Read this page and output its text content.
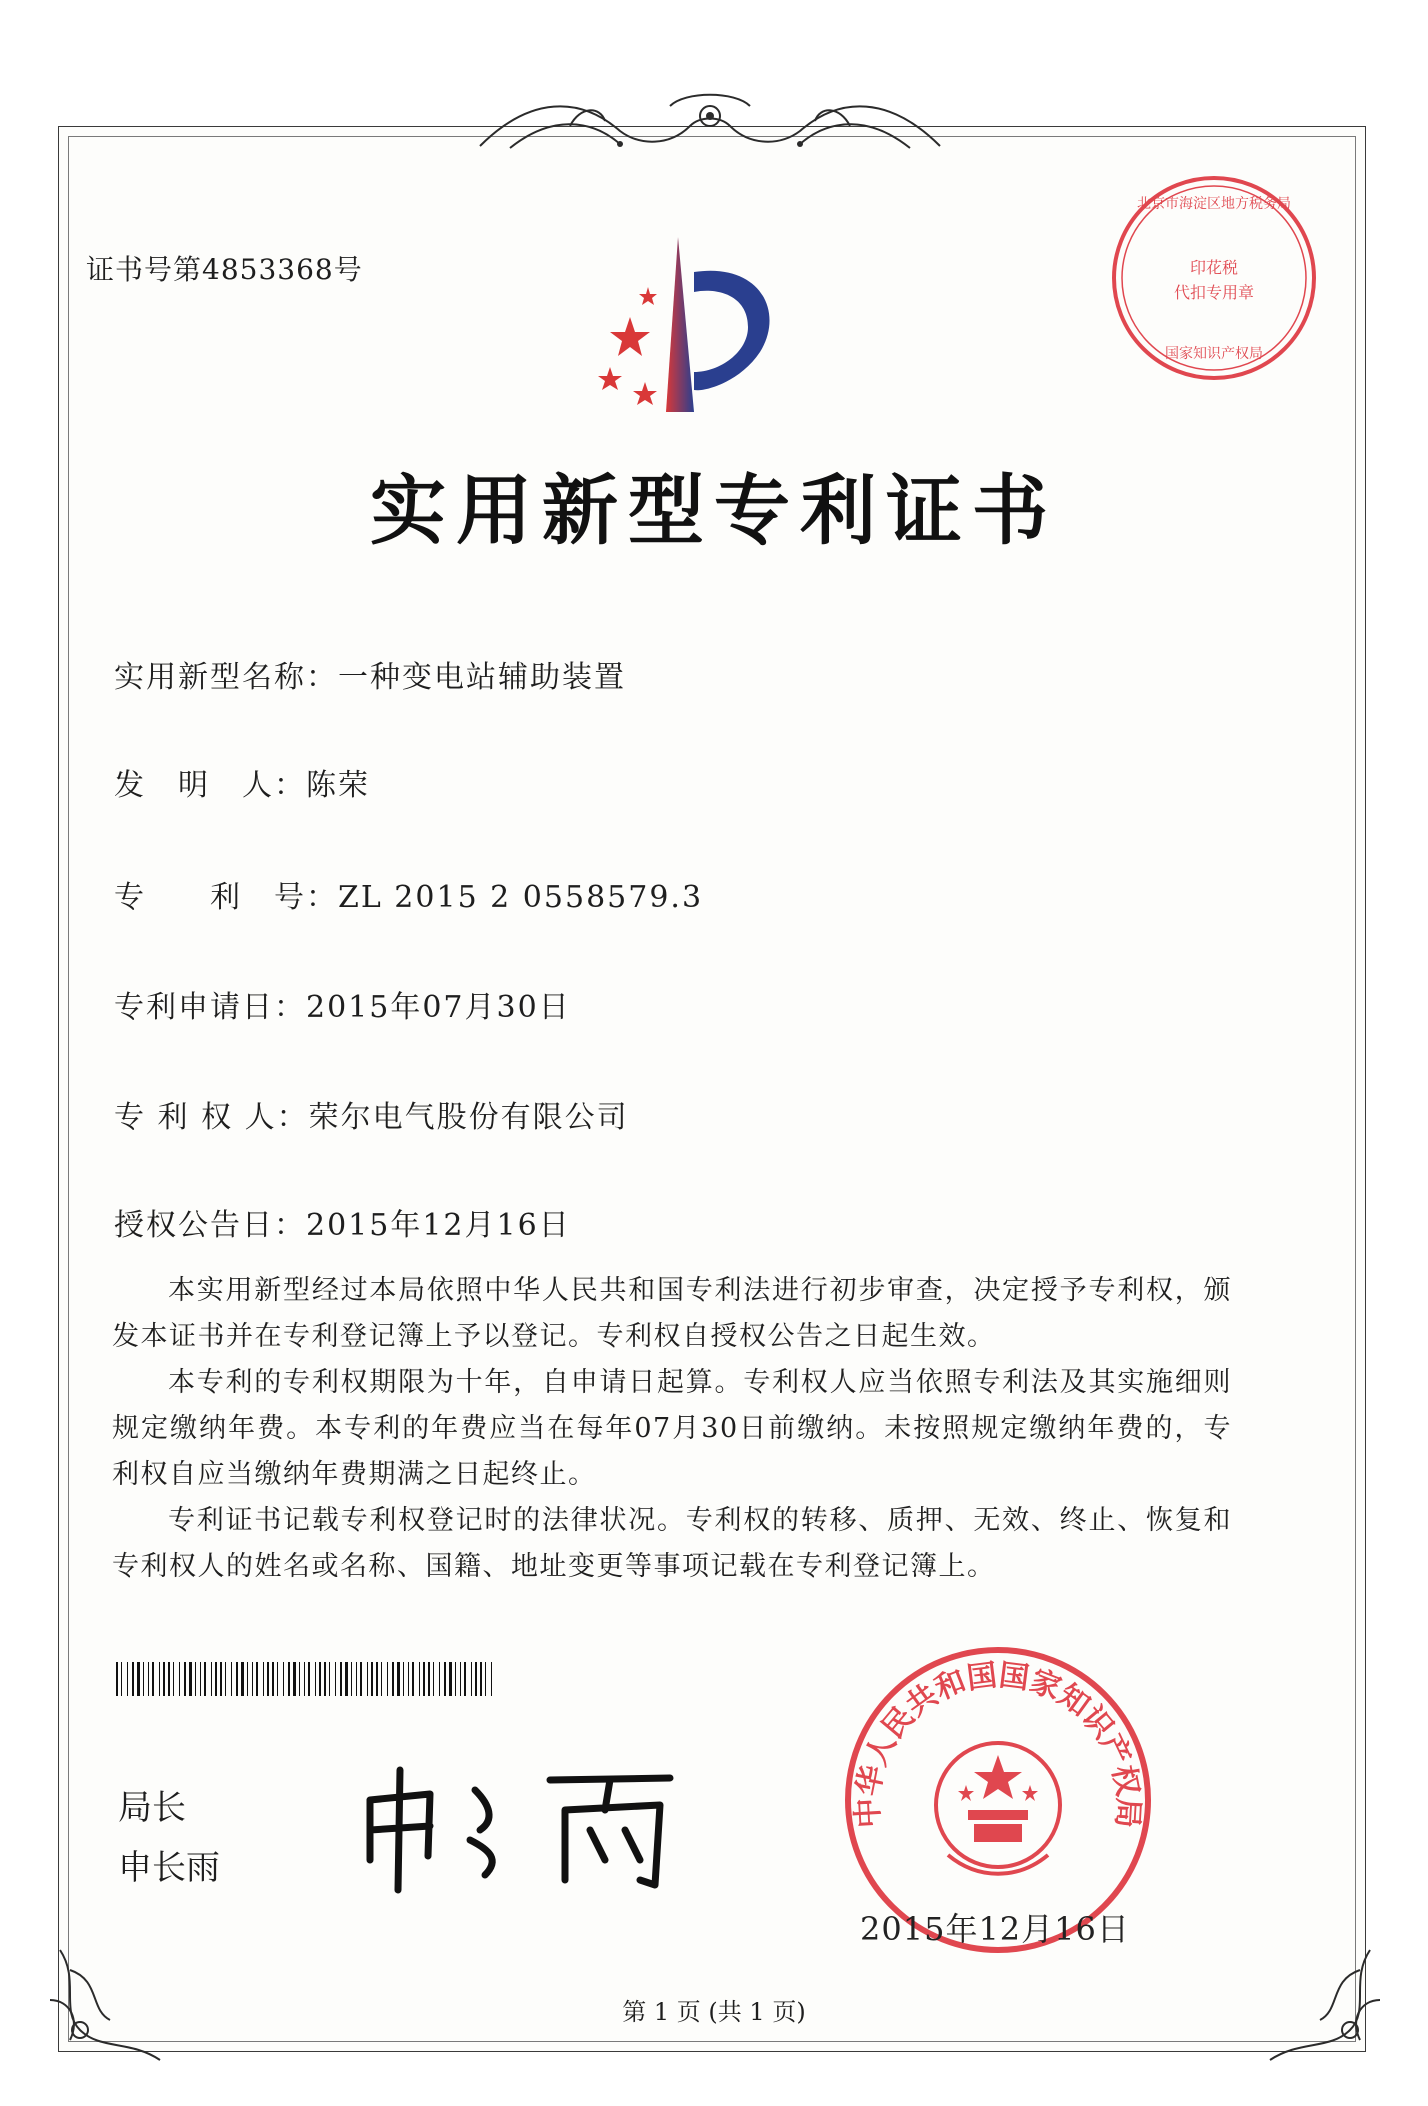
证书号第4853368号
北京市海淀区地方税务局
印花税
代扣专用章
国家知识产权局
实用新型专利证书
实用新型名称：一种变电站辅助装置
发　明　人：陈荣
专　　利　号：ZL 2015 2 0558579.3
专利申请日：2015年07月30日
专 利 权 人：荣尔电气股份有限公司
授权公告日：2015年12月16日

本实用新型经过本局依照中华人民共和国专利法进行初步审查，决定授予专利权，颁发本证书并在专利登记簿上予以登记。专利权自授权公告之日起生效。

本专利的专利权期限为十年，自申请日起算。专利权人应当依照专利法及其实施细则规定缴纳年费。本专利的年费应当在每年07月30日前缴纳。未按照规定缴纳年费的，专利权自应当缴纳年费期满之日起终止。

专利证书记载专利权登记时的法律状况。专利权的转移、质押、无效、终止、恢复和专利权人的姓名或名称、国籍、地址变更等事项记载在专利登记簿上。

局长
申长雨
中华人民共和国国家知识产权局
2015年12月16日
第 1 页 (共 1 页)
